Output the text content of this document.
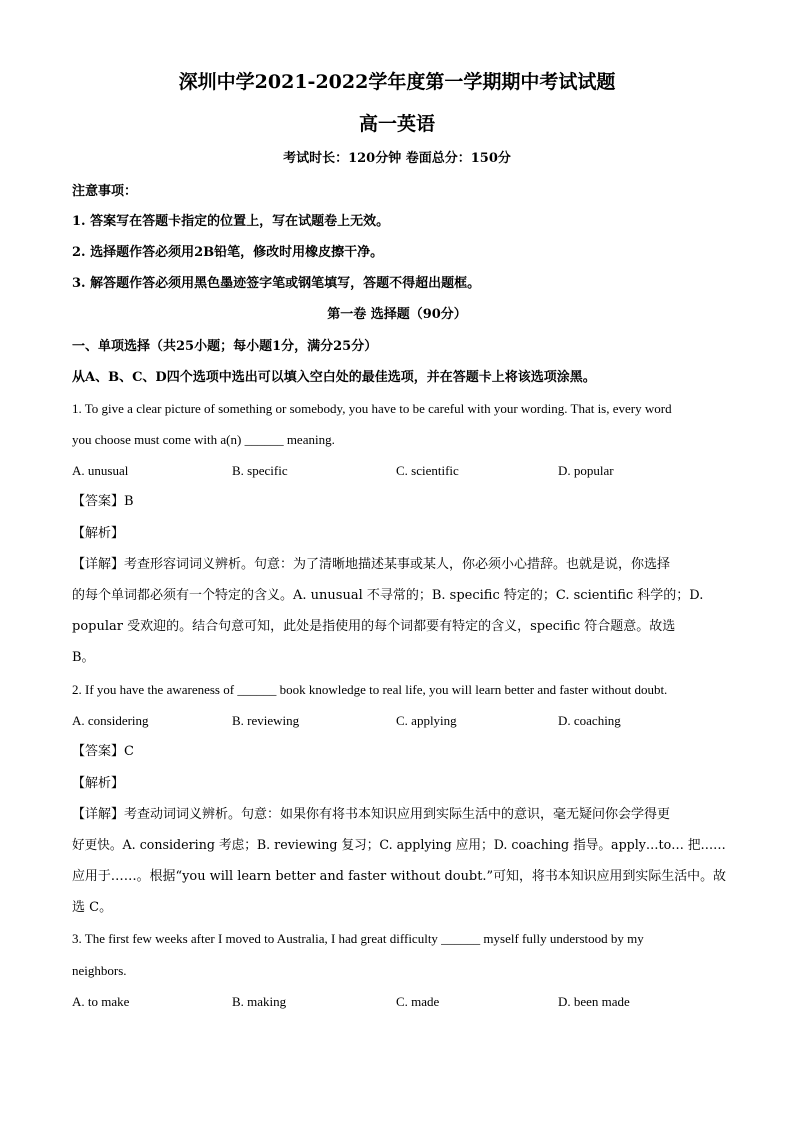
深圳中学2021-2022学年度第一学期期中考试试题
高一英语
考试时长：120分钟 卷面总分：150分
注意事项：
1. 答案写在答题卡指定的位置上，写在试题卷上无效。
2. 选择题作答必须用2B铅笔，修改时用橡皮擦干净。
3. 解答题作答必须用黑色墨迹签字笔或钢笔填写，答题不得超出题框。
第一卷 选择题（90分）
一、单项选择（共25小题；每小题1分，满分25分）
从A、B、C、D四个选项中选出可以填入空白处的最佳选项，并在答题卡上将该选项涂黑。
1. To give a clear picture of something or somebody, you have to be careful with your wording. That is, every word
you choose must come with a(n) ______ meaning.
A. unusual	B. specific	C. scientific	D. popular
【答案】B
【解析】
【详解】考查形容词词义辨析。句意：为了清晰地描述某事或某人，你必须小心措辞。也就是说，你选择
的每个单词都必须有一个特定的含义。A. unusual 不寻常的；B. specific 特定的；C. scientific 科学的；D.
popular 受欢迎的。结合句意可知，此处是指使用的每个词都要有特定的含义，specific 符合题意。故选
B。
2. If you have the awareness of ______ book knowledge to real life, you will learn better and faster without doubt.
A. considering	B. reviewing	C. applying	D. coaching
【答案】C
【解析】
【详解】考查动词词义辨析。句意：如果你有将书本知识应用到实际生活中的意识，毫无疑问你会学得更
好更快。A. considering 考虑；B. reviewing 复习；C. applying 应用；D. coaching 指导。apply…to… 把……
应用于……。根据“you will learn better and faster without doubt.”可知，将书本知识应用到实际生活中。故
选 C。
3. The first few weeks after I moved to Australia, I had great difficulty ______ myself fully understood by my
neighbors.
A. to make	B. making	C. made	D. been made
